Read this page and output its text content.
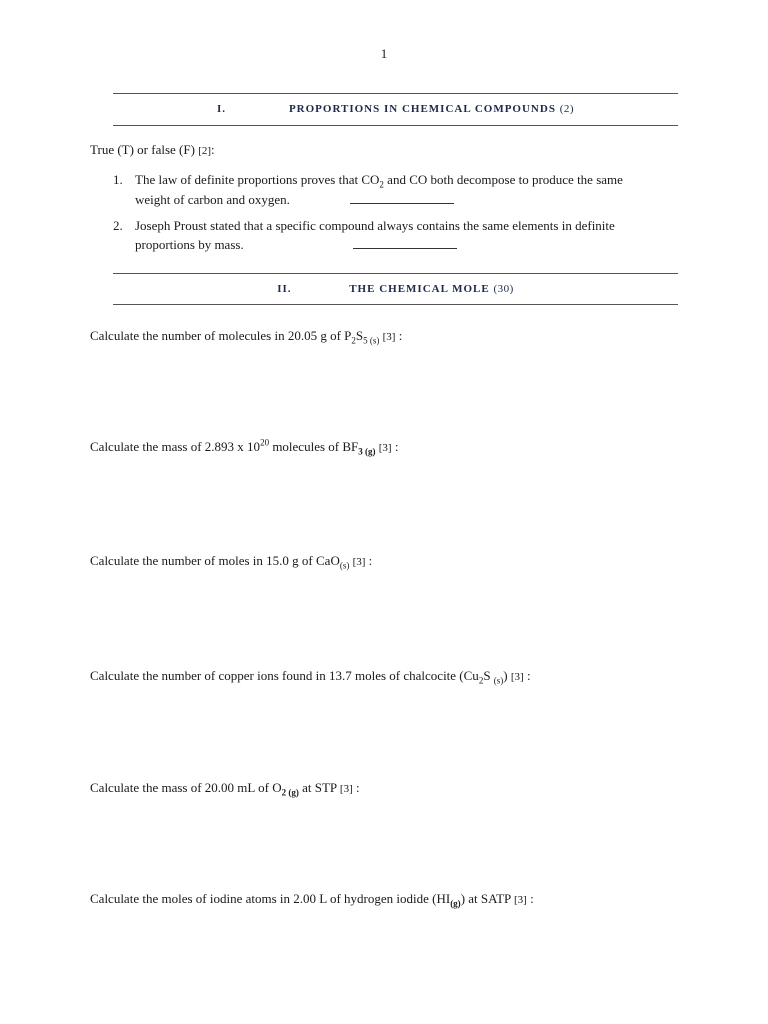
1
I.	PROPORTIONS IN CHEMICAL COMPOUNDS (2)
True (T) or false (F) [2]:
1. The law of definite proportions proves that $CO_2$ and CO both decompose to produce the same
weight of carbon and oxygen.
2. Joseph Proust stated that a specific compound always contains the same elements in definite
proportions by mass.
II.	THE CHEMICAL MOLE (30)
Calculate the number of molecules in 20.05 g of $P_2S_{5 (s)}$ [3] :
Calculate the mass of 2.893 x $10^{20}$ molecules of $BF_{3 (g)}$ [3] :
Calculate the number of moles in 15.0 g of CaO$_{(s)}$ [3] :
Calculate the number of copper ions found in 13.7 moles of chalcocite ($Cu_2S$ $_{(s)}$) [3] :
Calculate the mass of 20.00 mL of $O_{2 (g)}$ at STP [3] :
Calculate the moles of iodine atoms in 2.00 L of hydrogen iodide $(HI_{(g)})$ at SATP [3] :
